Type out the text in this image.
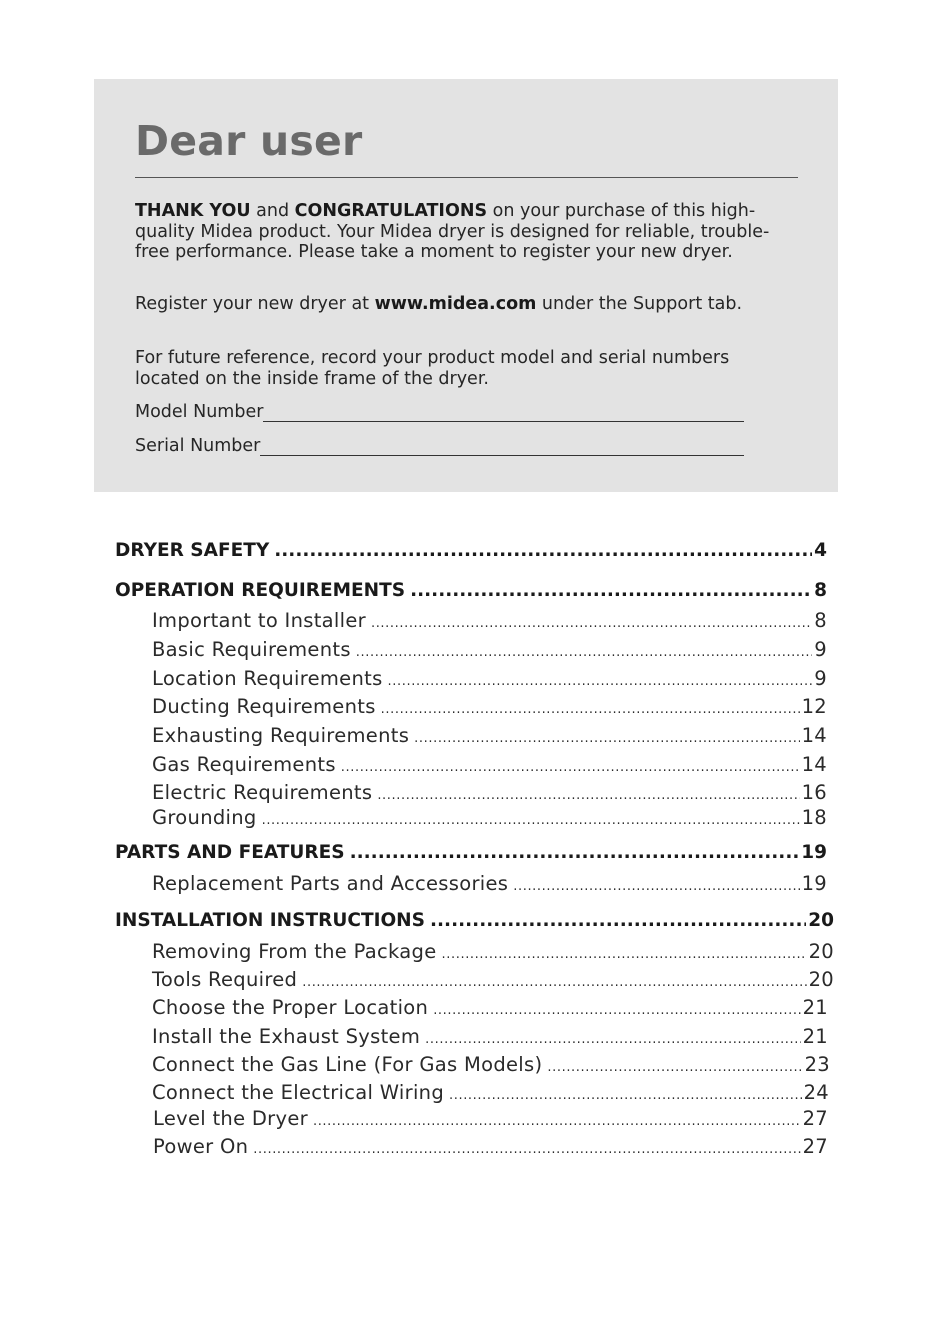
Dear user

THANK YOU and CONGRATULATIONS on your purchase of this high-quality Midea product. Your Midea dryer is designed for reliable, trouble-free performance. Please take a moment to register your new dryer.

Register your new dryer at www.midea.com under the Support tab.

For future reference, record your product model and serial numbers located on the inside frame of the dryer.

Model Number
Serial Number
DRYER SAFETY .....	4
OPERATION REQUIREMENTS .....	8
Important to Installer .....	8
Basic Requirements .....	9
Location Requirements .....	9
Ducting Requirements .....	12
Exhausting Requirements .....	14
Gas Requirements .....	14
Electric Requirements .....	16
Grounding .....	18
PARTS AND FEATURES .....	19
Replacement Parts and Accessories .....	19
INSTALLATION INSTRUCTIONS .....	20
Removing From the Package .....	20
Tools Required .....	20
Choose the Proper Location .....	21
Install the Exhaust System .....	21
Connect the Gas Line (For Gas Models) .....	23
Connect the Electrical Wiring .....	24
Level the Dryer .....	27
Power On .....	27
